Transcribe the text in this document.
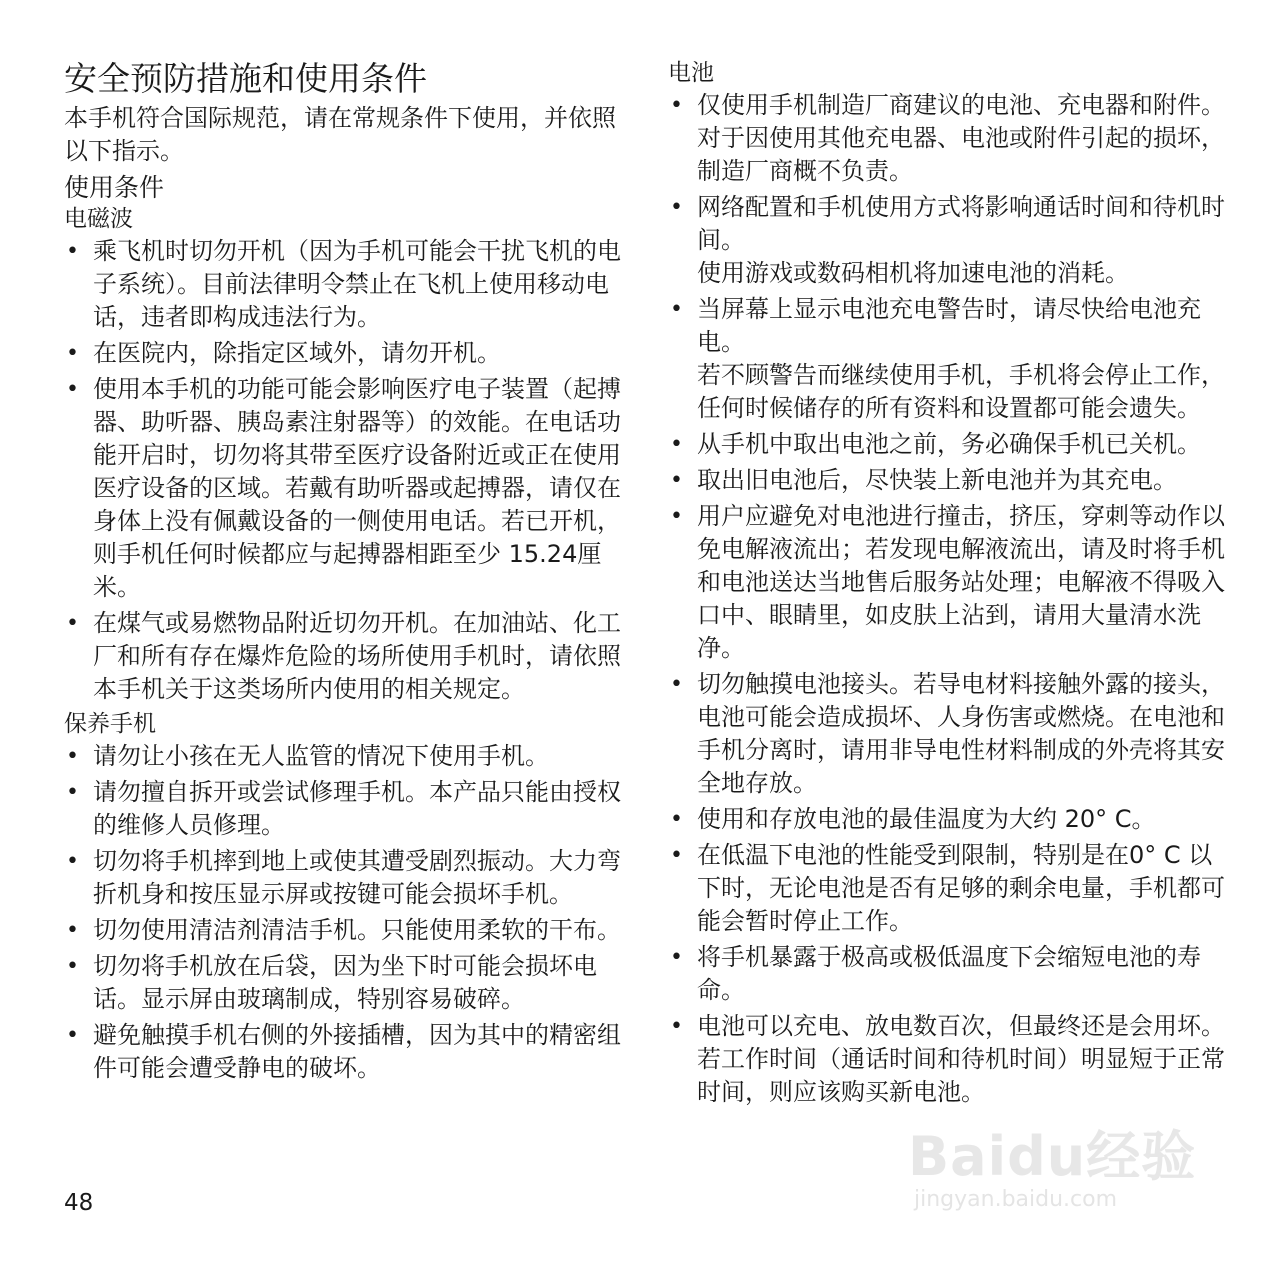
安全预防措施和使用条件

本手机符合国际规范，请在常规条件下使用，并依照以下指示。

使用条件
电磁波
• 乘飞机时切勿开机（因为手机可能会干扰飞机的电子系统）。目前法律明令禁止在飞机上使用移动电话，违者即构成违法行为。
• 在医院内，除指定区域外，请勿开机。
• 使用本手机的功能可能会影响医疗电子装置（起搏器、助听器、胰岛素注射器等）的效能。在电话功能开启时，切勿将其带至医疗设备附近或正在使用医疗设备的区域。若戴有助听器或起搏器，请仅在身体上没有佩戴设备的一侧使用电话。若已开机，则手机任何时候都应与起搏器相距至少 15.24厘米。
• 在煤气或易燃物品附近切勿开机。在加油站、化工厂和所有存在爆炸危险的场所使用手机时，请依照本手机关于这类场所内使用的相关规定。
保养手机
• 请勿让小孩在无人监管的情况下使用手机。
• 请勿擅自拆开或尝试修理手机。本产品只能由授权的维修人员修理。
• 切勿将手机摔到地上或使其遭受剧烈振动。大力弯折机身和按压显示屏或按键可能会损坏手机。
• 切勿使用清洁剂清洁手机。只能使用柔软的干布。
• 切勿将手机放在后袋，因为坐下时可能会损坏电话。显示屏由玻璃制成，特别容易破碎。
• 避免触摸手机右侧的外接插槽，因为其中的精密组件可能会遭受静电的破坏。
电池
• 仅使用手机制造厂商建议的电池、充电器和附件。对于因使用其他充电器、电池或附件引起的损坏，制造厂商概不负责。
• 网络配置和手机使用方式将影响通话时间和待机时间。
使用游戏或数码相机将加速电池的消耗。
• 当屏幕上显示电池充电警告时，请尽快给电池充电。
若不顾警告而继续使用手机，手机将会停止工作，任何时候储存的所有资料和设置都可能会遗失。
• 从手机中取出电池之前，务必确保手机已关机。
• 取出旧电池后，尽快装上新电池并为其充电。
• 用户应避免对电池进行撞击，挤压，穿刺等动作以免电解液流出；若发现电解液流出，请及时将手机和电池送达当地售后服务站处理；电解液不得吸入口中、眼睛里，如皮肤上沾到，请用大量清水洗净。
• 切勿触摸电池接头。若导电材料接触外露的接头，电池可能会造成损坏、人身伤害或燃烧。在电池和手机分离时，请用非导电性材料制成的外壳将其安全地存放。
• 使用和存放电池的最佳温度为大约 20° C。
• 在低温下电池的性能受到限制，特别是在0° C 以下时，无论电池是否有足够的剩余电量，手机都可能会暂时停止工作。
• 将手机暴露于极高或极低温度下会缩短电池的寿命。
• 电池可以充电、放电数百次，但最终还是会用坏。若工作时间（通话时间和待机时间）明显短于正常时间，则应该购买新电池。
48
Baidu经验
jingyan.baidu.com
